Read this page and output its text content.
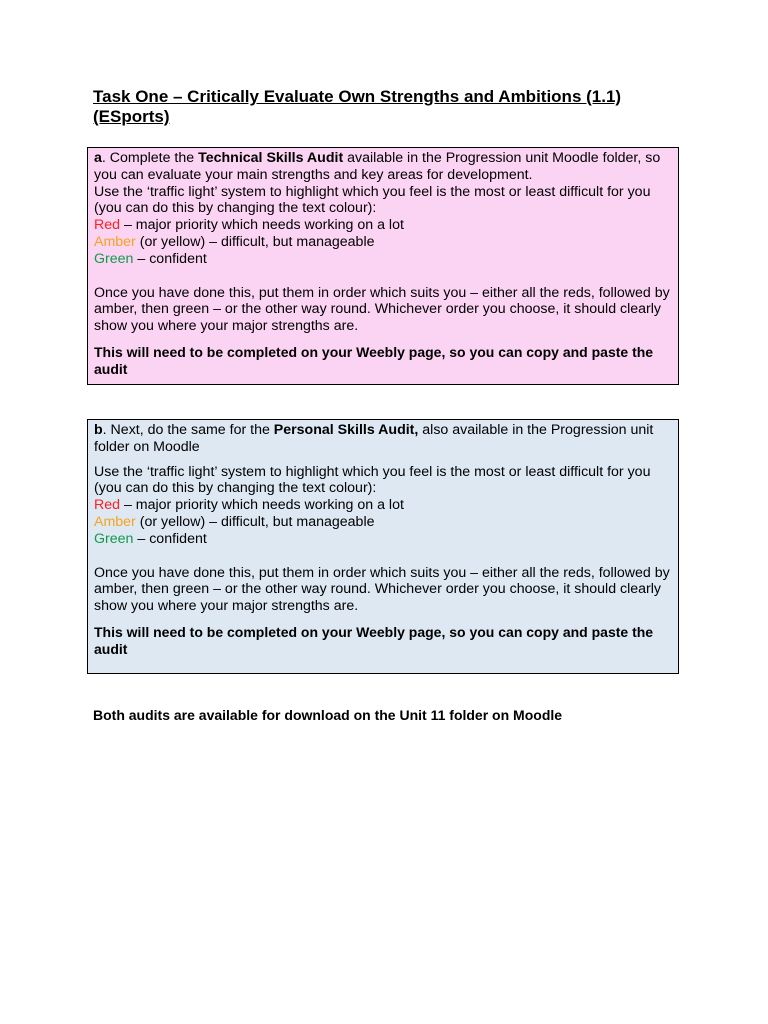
Task One – Critically Evaluate Own Strengths and Ambitions (1.1) (ESports)

a. Complete the Technical Skills Audit available in the Progression unit Moodle folder, so you can evaluate your main strengths and key areas for development.

Use the ‘traffic light’ system to highlight which you feel is the most or least difficult for you (you can do this by changing the text colour):

Red – major priority which needs working on a lot

Amber (or yellow) – difficult, but manageable

Green – confident

Once you have done this, put them in order which suits you – either all the reds, followed by amber, then green – or the other way round. Whichever order you choose, it should clearly show you where your major strengths are.

This will need to be completed on your Weebly page, so you can copy and paste the audit

b. Next, do the same for the Personal Skills Audit, also available in the Progression unit folder on Moodle

Use the ‘traffic light’ system to highlight which you feel is the most or least difficult for you (you can do this by changing the text colour):

Red – major priority which needs working on a lot

Amber (or yellow) – difficult, but manageable

Green – confident

Once you have done this, put them in order which suits you – either all the reds, followed by amber, then green – or the other way round. Whichever order you choose, it should clearly show you where your major strengths are.

This will need to be completed on your Weebly page, so you can copy and paste the audit

Both audits are available for download on the Unit 11 folder on Moodle
